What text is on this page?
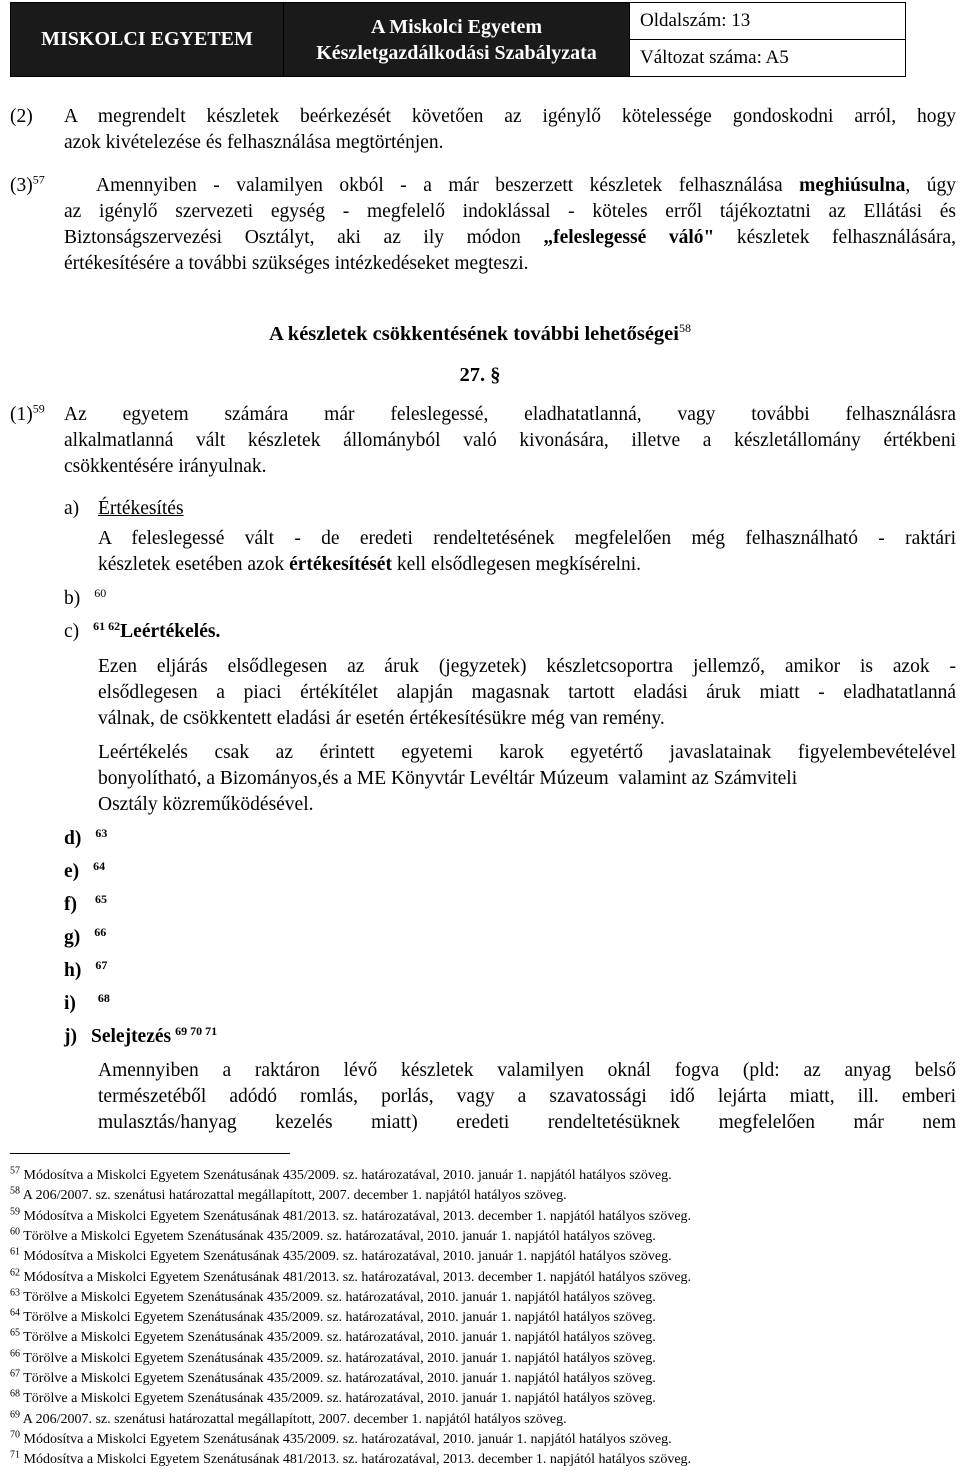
MISKOLCI EGYETEM	
A Miskolci Egyetem
Készletgazdálkodási Szabályzata
	Oldalszám: 13
Változat száma: A5
(2) A megrendelt készletek beérkezését követően az igénylő kötelessége gondoskodni arról, hogy
azok kivételezése és felhasználása megtörténjen.
$(3)^{57}$	Amennyiben - valamilyen okból - a már beszerzett készletek felhasználása meghiúsulna, úgy
az igénylő szervezeti egység - megfelelő indoklással - köteles erről tájékoztatni az Ellátási és
Biztonságszervezési Osztályt, aki az ily módon „feleslegessé váló" készletek felhasználására,
értékesítésére a további szükséges intézkedéseket megteszi.
A készletek csökkentésének további lehetőségei$^{58}$
27. §
$(1)^{59}$ Az egyetem számára már feleslegessé, eladhatatlanná, vagy további felhasználásra
alkalmatlanná vált készletek állományból való kivonására, illetve a készletállomány értékbeni
csökkentésére irányulnak.
a) Értékesítés
A feleslegessé vált - de eredeti rendeltetésének megfelelően még felhasználható - raktári
készletek esetében azok értékesítését kell elsődlegesen megkísérelni.
b) $^{60}$
c) $^{61 62}$Leértékelés.
Ezen eljárás elsődlegesen az áruk (jegyzetek) készletcsoportra jellemző, amikor is azok -
elsődlegesen a piaci értékítélet alapján magasnak tartott eladási áruk miatt - eladhatatlanná
válnak, de csökkentett eladási ár esetén értékesítésükre még van remény.
Leértékelés csak az érintett egyetemi karok egyetértő javaslatainak figyelembevételével
bonyolítható, a Bizományos,és a ME Könyvtár Levéltár Múzeum  valamint az Számviteli
Osztály közreműködésével.
d) $^{63}$
e) $^{64}$
f) $^{65}$
g) $^{66}$
h) $^{67}$
i) $^{68}$
j) Selejtezés $^{69 70 71}$
Amennyiben a raktáron lévő készletek valamilyen oknál fogva (pld: az anyag belső
természetéből adódó romlás, porlás, vagy a szavatossági idő lejárta miatt, ill. emberi
mulasztás/hanyag kezelés miatt) eredeti rendeltetésüknek megfelelően már nem
$^{57}$ Módosítva a Miskolci Egyetem Szenátusának 435/2009. sz. határozatával, 2010. január 1. napjától hatályos szöveg.
$^{58}$ A 206/2007. sz. szenátusi határozattal megállapított, 2007. december 1. napjától hatályos szöveg.
$^{59}$ Módosítva a Miskolci Egyetem Szenátusának 481/2013. sz. határozatával, 2013. december 1. napjától hatályos szöveg.
$^{60}$ Törölve a Miskolci Egyetem Szenátusának 435/2009. sz. határozatával, 2010. január 1. napjától hatályos szöveg.
$^{61}$ Módosítva a Miskolci Egyetem Szenátusának 435/2009. sz. határozatával, 2010. január 1. napjától hatályos szöveg.
$^{62}$ Módosítva a Miskolci Egyetem Szenátusának 481/2013. sz. határozatával, 2013. december 1. napjától hatályos szöveg.
$^{63}$ Törölve a Miskolci Egyetem Szenátusának 435/2009. sz. határozatával, 2010. január 1. napjától hatályos szöveg.
$^{64}$ Törölve a Miskolci Egyetem Szenátusának 435/2009. sz. határozatával, 2010. január 1. napjától hatályos szöveg.
$^{65}$ Törölve a Miskolci Egyetem Szenátusának 435/2009. sz. határozatával, 2010. január 1. napjától hatályos szöveg.
$^{66}$ Törölve a Miskolci Egyetem Szenátusának 435/2009. sz. határozatával, 2010. január 1. napjától hatályos szöveg.
$^{67}$ Törölve a Miskolci Egyetem Szenátusának 435/2009. sz. határozatával, 2010. január 1. napjától hatályos szöveg.
$^{68}$ Törölve a Miskolci Egyetem Szenátusának 435/2009. sz. határozatával, 2010. január 1. napjától hatályos szöveg.
$^{69}$ A 206/2007. sz. szenátusi határozattal megállapított, 2007. december 1. napjától hatályos szöveg.
$^{70}$ Módosítva a Miskolci Egyetem Szenátusának 435/2009. sz. határozatával, 2010. január 1. napjától hatályos szöveg.
$^{71}$ Módosítva a Miskolci Egyetem Szenátusának 481/2013. sz. határozatával, 2013. december 1. napjától hatályos szöveg.
